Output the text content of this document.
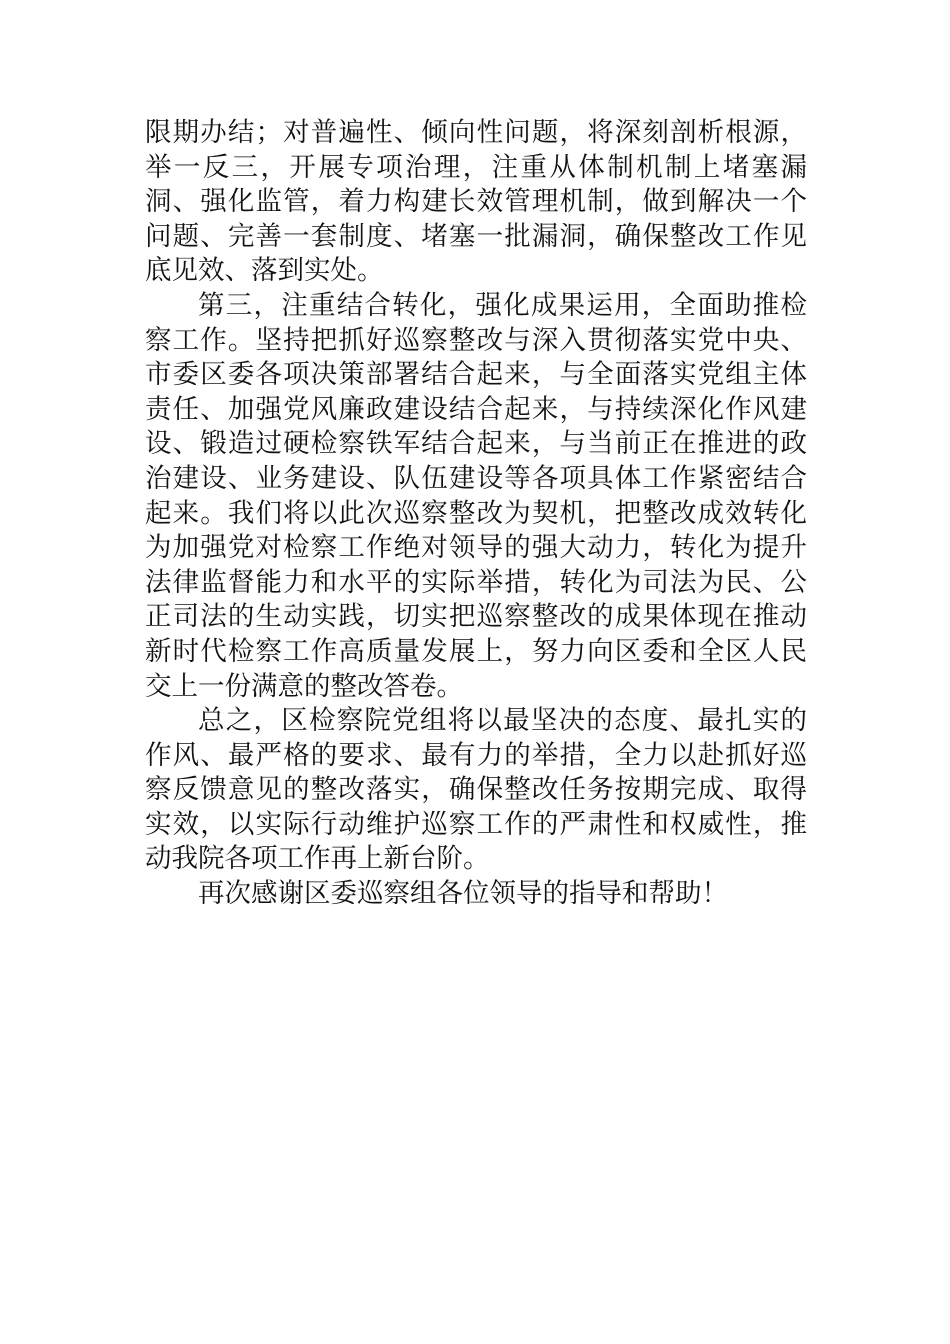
限期办结；对普遍性、倾向性问题，将深刻剖析根源，举一反三，开展专项治理，注重从体制机制上堵塞漏洞、强化监管，着力构建长效管理机制，做到解决一个问题、完善一套制度、堵塞一批漏洞，确保整改工作见底见效、落到实处。

第三，注重结合转化，强化成果运用，全面助推检察工作。坚持把抓好巡察整改与深入贯彻落实党中央、市委区委各项决策部署结合起来，与全面落实党组主体责任、加强党风廉政建设结合起来，与持续深化作风建设、锻造过硬检察铁军结合起来，与当前正在推进的政治建设、业务建设、队伍建设等各项具体工作紧密结合起来。我们将以此次巡察整改为契机，把整改成效转化为加强党对检察工作绝对领导的强大动力，转化为提升法律监督能力和水平的实际举措，转化为司法为民、公正司法的生动实践，切实把巡察整改的成果体现在推动新时代检察工作高质量发展上，努力向区委和全区人民交上一份满意的整改答卷。

总之，区检察院党组将以最坚决的态度、最扎实的作风、最严格的要求、最有力的举措，全力以赴抓好巡察反馈意见的整改落实，确保整改任务按期完成、取得实效，以实际行动维护巡察工作的严肃性和权威性，推动我院各项工作再上新台阶。

再次感谢区委巡察组各位领导的指导和帮助！
